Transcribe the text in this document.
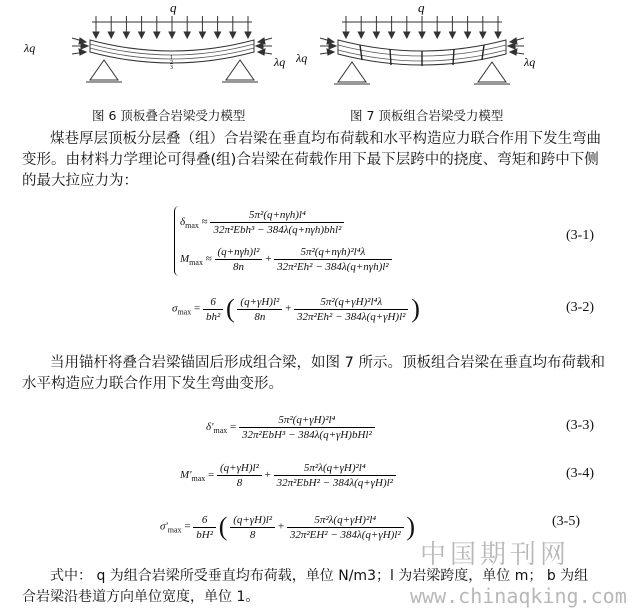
q
λq
λq
1
2
3
q
λq	λq
图 6 顶板叠合岩梁受力模型	图 7 顶板组合岩梁受力模型
煤巷厚层顶板分层叠（组）合岩梁在垂直均布荷载和水平构造应力联合作用下发生弯曲
变形。由材料力学理论可得叠(组)合岩梁在荷载作用下最下层跨中的挠度、弯矩和跨中下侧
的最大拉应力为：
$\delta_{max} \approx \frac{\text{5π²(q+nγh)l⁴}}{\text{32π²Ebh³ − 384λ(q+nγh)bhl²}}$
$M_{max} \approx \frac{\text{(q+nγh)l²}}{8n} + \frac{\text{5π²(q+nγh)²l⁴λ}}{\text{32π²Eh² − 384λ(q+nγh)l²}}$
(3-1)
$\sigma_{max} = \frac{6}{\text{bh²}}$ ( $\frac{\text{(q+γH)l²}}{8n} + \frac{\text{5π²(q+γH)²l⁴λ}}{\text{32π²Eh² − 384λ(q+γH)l²}}$ )	(3-2)
当用锚杆将叠合岩梁锚固后形成组合梁，如图 7 所示。顶板组合岩梁在垂直均布荷载和
水平构造应力联合作用下发生弯曲变形。
$\delta'_{max} = \frac{\text{5π²(q+γH)²l⁴}}{\text{32π²EbH³ − 384λ(q+γH)bHl²}}$	(3-3)
$M'_{max} = \frac{\text{(q+γH)l²}}{8} + \frac{\text{5π²λ(q+γH)²l⁴}}{\text{32π²EbH² − 384λ(q+γH)l²}}$	(3-4)
$\sigma'_{max} = \frac{6}{\text{bH²}}$ ( $\frac{\text{(q+γH)l²}}{8} + \frac{\text{5π²λ(q+γH)²l⁴}}{\text{32π²EH² − 384λ(q+γH)l²}}$ )	(3-5)
式中： q 为组合岩梁所受垂直均布荷载，单位 N/m3；l 为岩梁跨度，单位 m； b 为组
合岩梁沿巷道方向单位宽度，单位 1。
中国期刊网
www.chinaqking.com
